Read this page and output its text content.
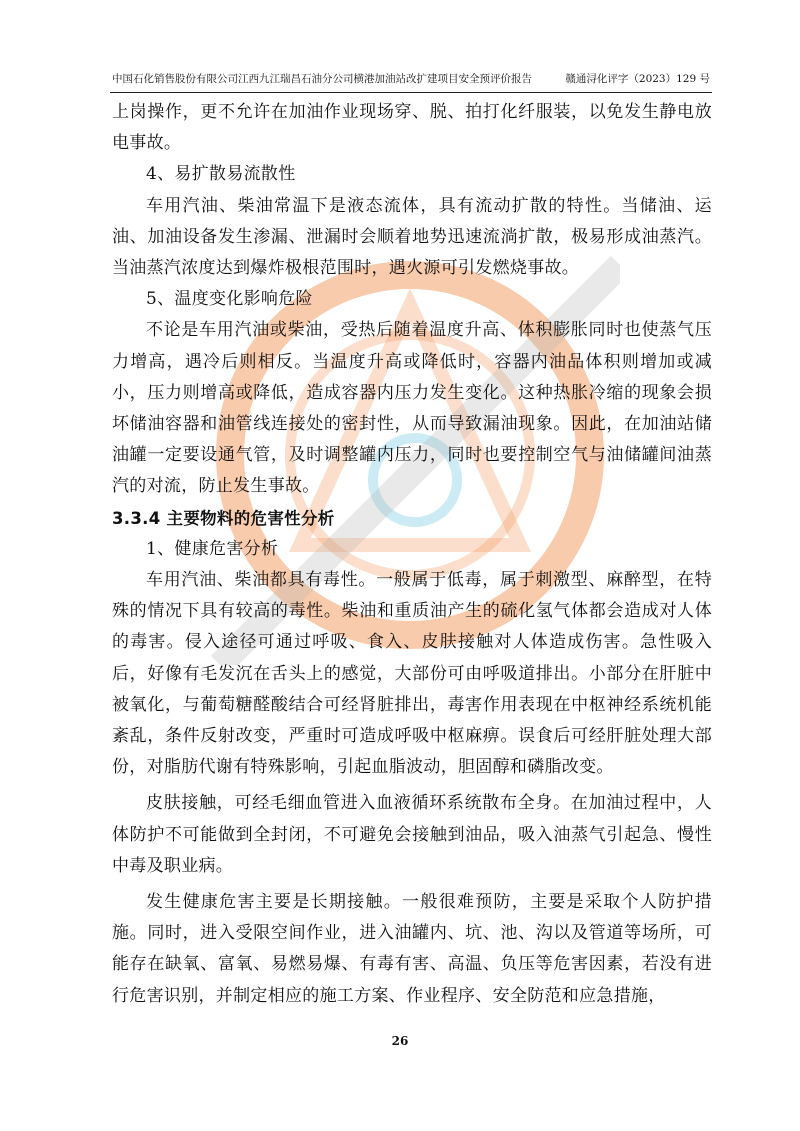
中国石化销售股份有限公司江西九江瑞昌石油分公司横港加油站改扩建项目安全预评价报告	赣通浔化评字（2023）129 号

上岗操作，更不允许在加油作业现场穿、脱、拍打化纤服装，以免发生静电放电事故。

4、易扩散易流散性

车用汽油、柴油常温下是液态流体，具有流动扩散的特性。当储油、运油、加油设备发生渗漏、泄漏时会顺着地势迅速流淌扩散，极易形成油蒸汽。当油蒸汽浓度达到爆炸极根范围时，遇火源可引发燃烧事故。

5、温度变化影响危险

不论是车用汽油或柴油，受热后随着温度升高、体积膨胀同时也使蒸气压力增高，遇冷后则相反。当温度升高或降低时，容器内油品体积则增加或减小，压力则增高或降低，造成容器内压力发生变化。这种热胀冷缩的现象会损坏储油容器和油管线连接处的密封性，从而导致漏油现象。因此，在加油站储油罐一定要设通气管，及时调整罐内压力，同时也要控制空气与油储罐间油蒸汽的对流，防止发生事故。

3.3.4 主要物料的危害性分析

1、健康危害分析

车用汽油、柴油都具有毒性。一般属于低毒，属于刺激型、麻醉型，在特殊的情况下具有较高的毒性。柴油和重质油产生的硫化氢气体都会造成对人体的毒害。侵入途径可通过呼吸、食入、皮肤接触对人体造成伤害。急性吸入后，好像有毛发沉在舌头上的感觉，大部份可由呼吸道排出。小部分在肝脏中被氧化，与葡萄糖醛酸结合可经肾脏排出，毒害作用表现在中枢神经系统机能紊乱，条件反射改变，严重时可造成呼吸中枢麻痹。误食后可经肝脏处理大部份，对脂肪代谢有特殊影响，引起血脂波动，胆固醇和磷脂改变。

皮肤接触，可经毛细血管进入血液循环系统散布全身。在加油过程中，人体防护不可能做到全封闭，不可避免会接触到油品，吸入油蒸气引起急、慢性中毒及职业病。

发生健康危害主要是长期接触。一般很难预防，主要是采取个人防护措施。同时，进入受限空间作业，进入油罐内、坑、池、沟以及管道等场所，可能存在缺氧、富氧、易燃易爆、有毒有害、高温、负压等危害因素，若没有进行危害识别，并制定相应的施工方案、作业程序、安全防范和应急措施，

26
